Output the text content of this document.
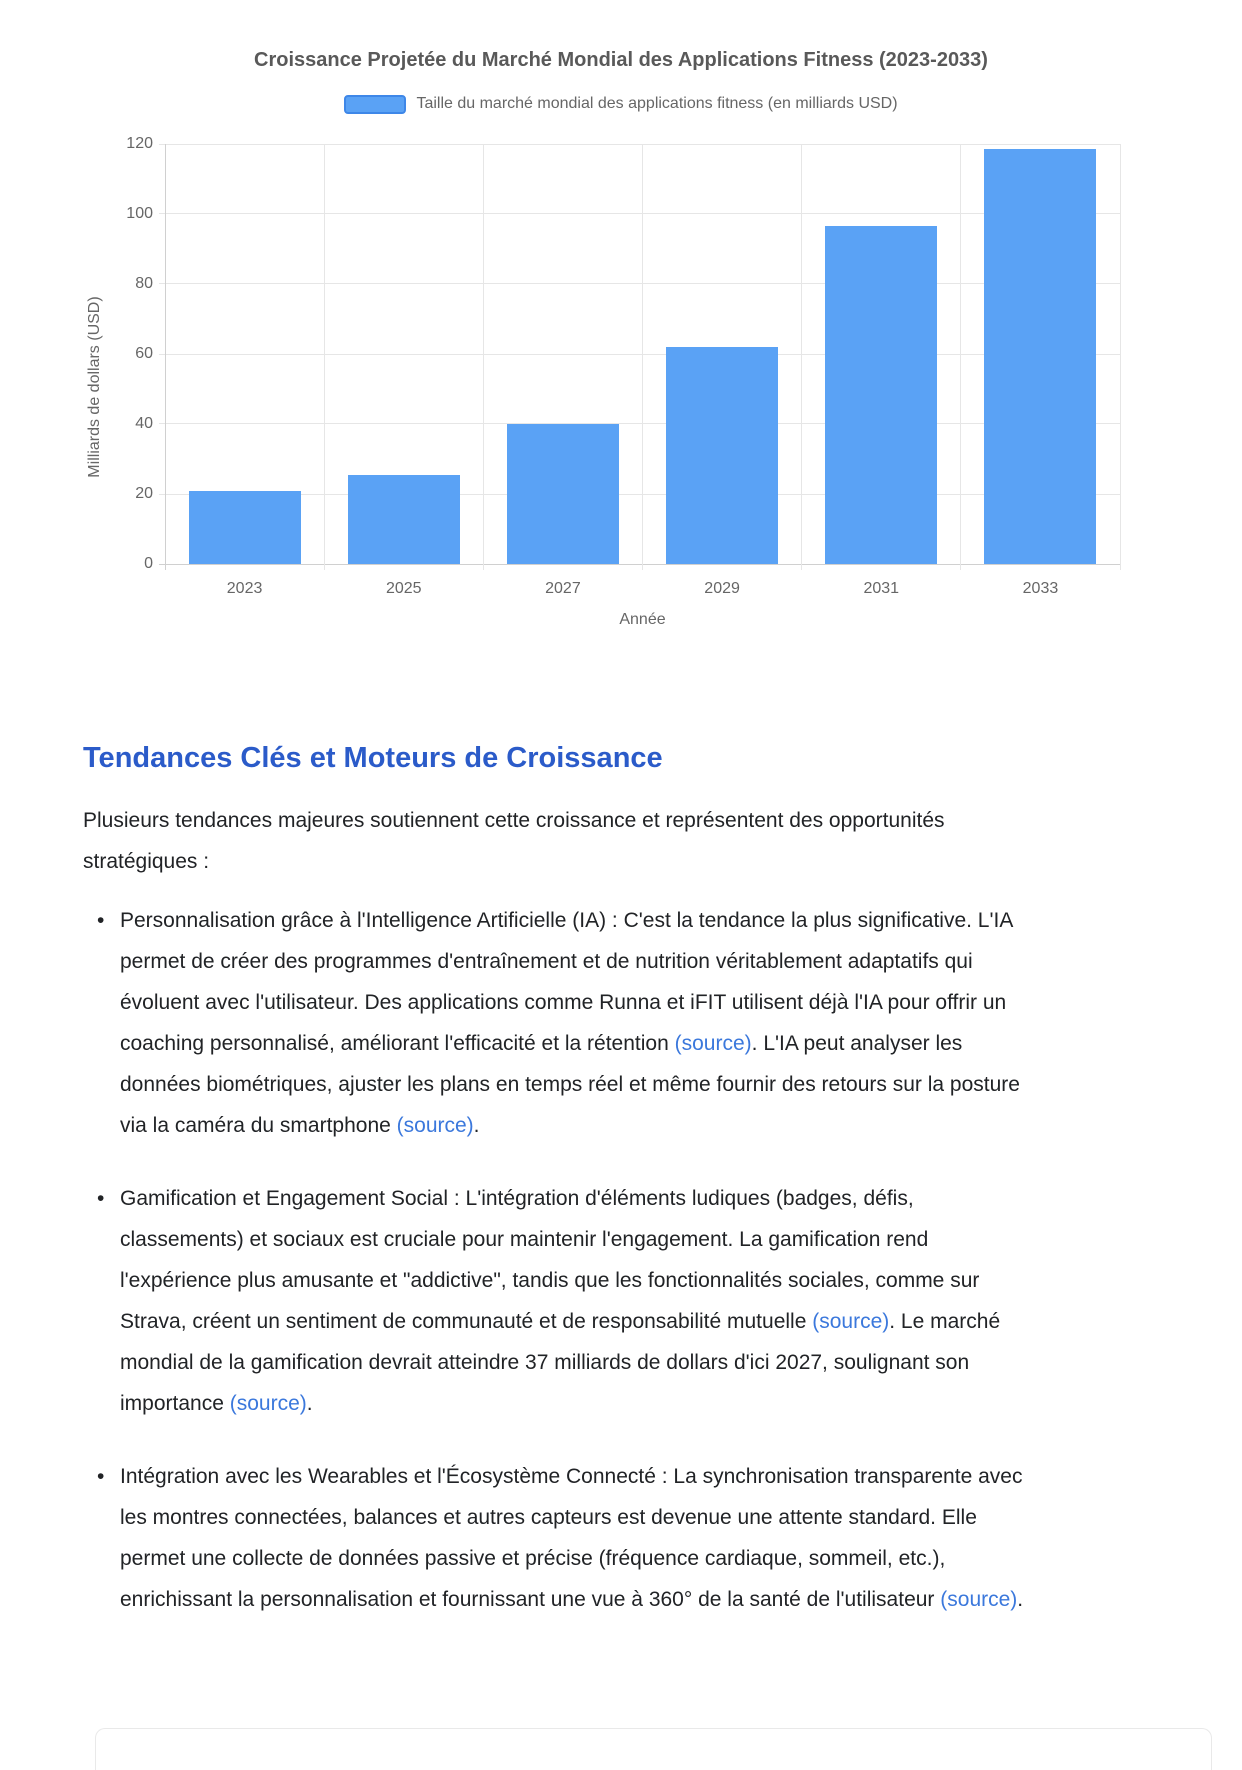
Croissance Projetée du Marché Mondial des Applications Fitness (2023-2033)
Taille du marché mondial des applications fitness (en milliards USD)
Milliards de dollars (USD)
0
20
40
60
80
100
120
2023	2025	2027	2029	2031	2033
Année
Tendances Clés et Moteurs de Croissance

Plusieurs tendances majeures soutiennent cette croissance et représentent des opportunités stratégiques :

• Personnalisation grâce à l'Intelligence Artificielle (IA) : C'est la tendance la plus significative. L'IA permet de créer des programmes d'entraînement et de nutrition véritablement adaptatifs qui évoluent avec l'utilisateur. Des applications comme Runna et iFIT utilisent déjà l'IA pour offrir un coaching personnalisé, améliorant l'efficacité et la rétention (source). L'IA peut analyser les données biométriques, ajuster les plans en temps réel et même fournir des retours sur la posture via la caméra du smartphone (source).
• Gamification et Engagement Social : L'intégration d'éléments ludiques (badges, défis, classements) et sociaux est cruciale pour maintenir l'engagement. La gamification rend l'expérience plus amusante et "addictive", tandis que les fonctionnalités sociales, comme sur Strava, créent un sentiment de communauté et de responsabilité mutuelle (source). Le marché mondial de la gamification devrait atteindre 37 milliards de dollars d'ici 2027, soulignant son importance (source).
• Intégration avec les Wearables et l'Écosystème Connecté : La synchronisation transparente avec les montres connectées, balances et autres capteurs est devenue une attente standard. Elle permet une collecte de données passive et précise (fréquence cardiaque, sommeil, etc.), enrichissant la personnalisation et fournissant une vue à 360° de la santé de l'utilisateur (source).
